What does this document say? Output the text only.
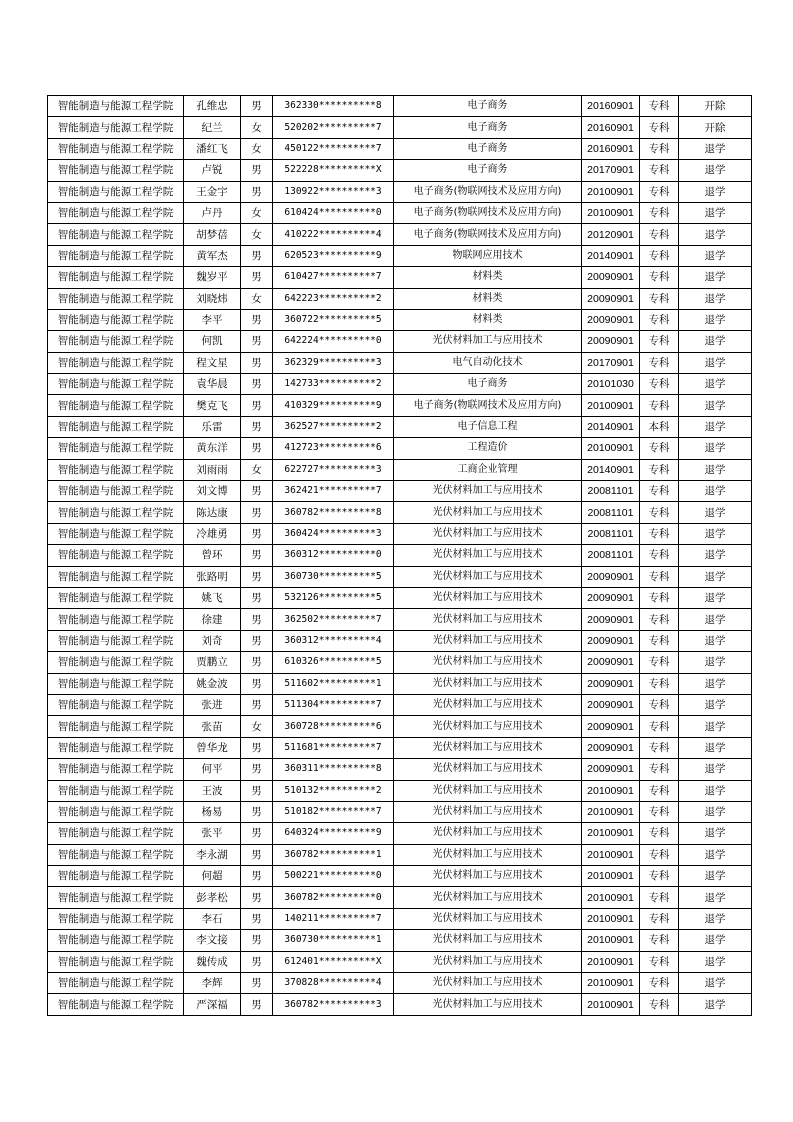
智能制造与能源工程学院	孔维忠	男	362330**********8	电子商务	20160901	专科	开除
智能制造与能源工程学院	纪兰	女	520202**********7	电子商务	20160901	专科	开除
智能制造与能源工程学院	潘红飞	女	450122**********7	电子商务	20160901	专科	退学
智能制造与能源工程学院	卢锐	男	522228**********X	电子商务	20170901	专科	退学
智能制造与能源工程学院	王金宇	男	130922**********3	电子商务(物联网技术及应用方向)	20100901	专科	退学
智能制造与能源工程学院	卢丹	女	610424**********0	电子商务(物联网技术及应用方向)	20100901	专科	退学
智能制造与能源工程学院	胡梦蓓	女	410222**********4	电子商务(物联网技术及应用方向)	20120901	专科	退学
智能制造与能源工程学院	黄军杰	男	620523**********9	物联网应用技术	20140901	专科	退学
智能制造与能源工程学院	魏岁平	男	610427**********7	材料类	20090901	专科	退学
智能制造与能源工程学院	刘晓炜	女	642223**********2	材料类	20090901	专科	退学
智能制造与能源工程学院	李平	男	360722**********5	材料类	20090901	专科	退学
智能制造与能源工程学院	何凯	男	642224**********0	光伏材料加工与应用技术	20090901	专科	退学
智能制造与能源工程学院	程文星	男	362329**********3	电气自动化技术	20170901	专科	退学
智能制造与能源工程学院	袁华晨	男	142733**********2	电子商务	20101030	专科	退学
智能制造与能源工程学院	樊克飞	男	410329**********9	电子商务(物联网技术及应用方向)	20100901	专科	退学
智能制造与能源工程学院	乐雷	男	362527**********2	电子信息工程	20140901	本科	退学
智能制造与能源工程学院	黄东洋	男	412723**********6	工程造价	20100901	专科	退学
智能制造与能源工程学院	刘雨雨	女	622727**********3	工商企业管理	20140901	专科	退学
智能制造与能源工程学院	刘文博	男	362421**********7	光伏材料加工与应用技术	20081101	专科	退学
智能制造与能源工程学院	陈达康	男	360782**********8	光伏材料加工与应用技术	20081101	专科	退学
智能制造与能源工程学院	冷雄勇	男	360424**********3	光伏材料加工与应用技术	20081101	专科	退学
智能制造与能源工程学院	曾环	男	360312**********0	光伏材料加工与应用技术	20081101	专科	退学
智能制造与能源工程学院	张路明	男	360730**********5	光伏材料加工与应用技术	20090901	专科	退学
智能制造与能源工程学院	姚飞	男	532126**********5	光伏材料加工与应用技术	20090901	专科	退学
智能制造与能源工程学院	徐建	男	362502**********7	光伏材料加工与应用技术	20090901	专科	退学
智能制造与能源工程学院	刘奇	男	360312**********4	光伏材料加工与应用技术	20090901	专科	退学
智能制造与能源工程学院	贾鹏立	男	610326**********5	光伏材料加工与应用技术	20090901	专科	退学
智能制造与能源工程学院	姚金波	男	511602**********1	光伏材料加工与应用技术	20090901	专科	退学
智能制造与能源工程学院	张进	男	511304**********7	光伏材料加工与应用技术	20090901	专科	退学
智能制造与能源工程学院	张苗	女	360728**********6	光伏材料加工与应用技术	20090901	专科	退学
智能制造与能源工程学院	曾华龙	男	511681**********7	光伏材料加工与应用技术	20090901	专科	退学
智能制造与能源工程学院	何平	男	360311**********8	光伏材料加工与应用技术	20090901	专科	退学
智能制造与能源工程学院	王波	男	510132**********2	光伏材料加工与应用技术	20100901	专科	退学
智能制造与能源工程学院	杨易	男	510182**********7	光伏材料加工与应用技术	20100901	专科	退学
智能制造与能源工程学院	张平	男	640324**********9	光伏材料加工与应用技术	20100901	专科	退学
智能制造与能源工程学院	李永湖	男	360782**********1	光伏材料加工与应用技术	20100901	专科	退学
智能制造与能源工程学院	何超	男	500221**********0	光伏材料加工与应用技术	20100901	专科	退学
智能制造与能源工程学院	彭孝松	男	360782**********0	光伏材料加工与应用技术	20100901	专科	退学
智能制造与能源工程学院	李石	男	140211**********7	光伏材料加工与应用技术	20100901	专科	退学
智能制造与能源工程学院	李文接	男	360730**********1	光伏材料加工与应用技术	20100901	专科	退学
智能制造与能源工程学院	魏传成	男	612401**********X	光伏材料加工与应用技术	20100901	专科	退学
智能制造与能源工程学院	李辉	男	370828**********4	光伏材料加工与应用技术	20100901	专科	退学
智能制造与能源工程学院	严深福	男	360782**********3	光伏材料加工与应用技术	20100901	专科	退学
